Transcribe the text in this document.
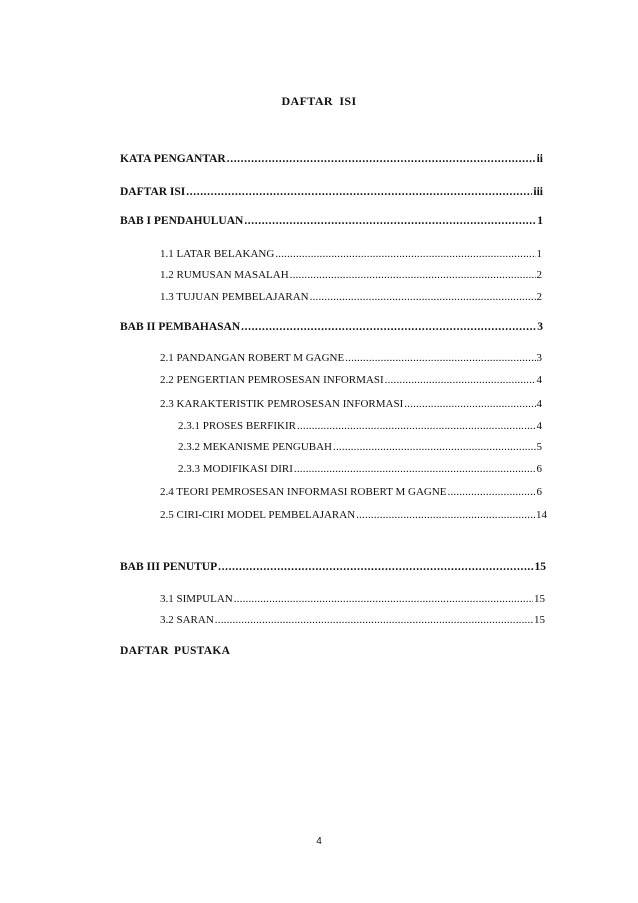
DAFTAR ISI
KATA PENGANTAR .....	ii
DAFTAR ISI .....	iii
BAB I PENDAHULUAN .....	1
1.1 LATAR BELAKANG .....	1
1.2 RUMUSAN MASALAH .....	2
1.3 TUJUAN PEMBELAJARAN .....	2
BAB II PEMBAHASAN .....	3
2.1 PANDANGAN ROBERT M GAGNE .....	3
2.2 PENGERTIAN PEMROSESAN INFORMASI .....	4
2.3 KARAKTERISTIK PEMROSESAN INFORMASI .....	4
2.3.1 PROSES BERFIKIR .....	4
2.3.2 MEKANISME PENGUBAH .....	5
2.3.3 MODIFIKASI DIRI .....	6
2.4 TEORI PEMROSESAN INFORMASI ROBERT M GAGNE .....	6
2.5 CIRI-CIRI MODEL PEMBELAJARAN .....	14
BAB III PENUTUP .....	15
3.1 SIMPULAN .....	15
3.2 SARAN .....	15
DAFTAR PUSTAKA
4
